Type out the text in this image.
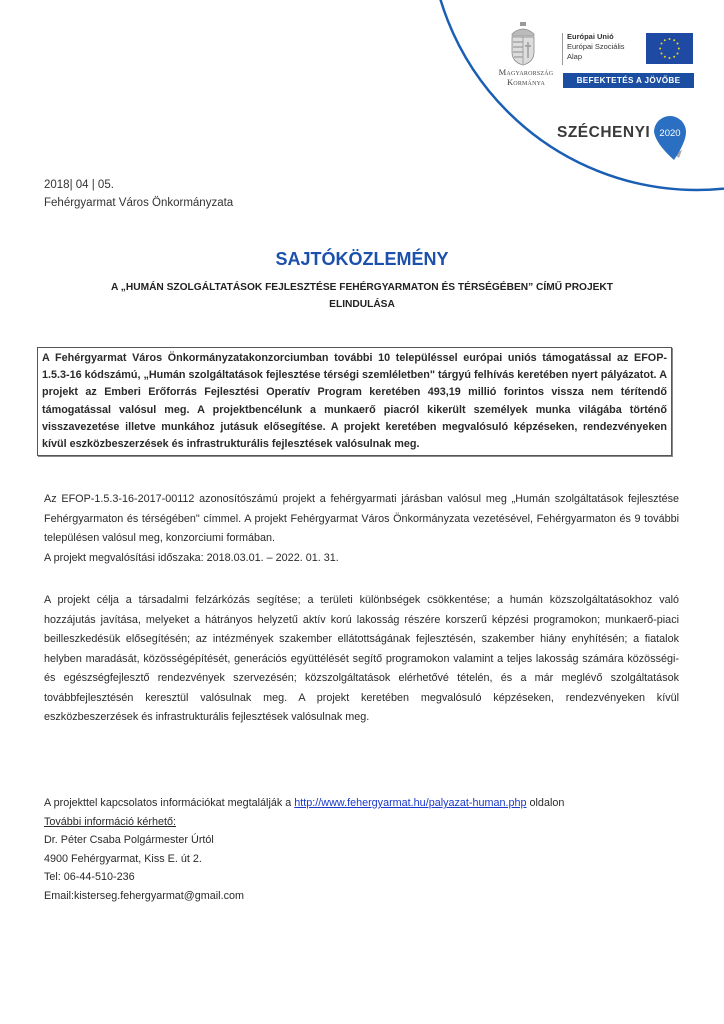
Magyarország
Kormánya
Európai Unió
Európai Szociális
Alap
BEFEKTETÉS A JÖVŐBE
SZÉCHENYI 2020
2018| 04 | 05.
Fehérgyarmat Város Önkormányzata
SAJTÓKÖZLEMÉNY
A „HUMÁN SZOLGÁLTATÁSOK FEJLESZTÉSE FEHÉRGYARMATON ÉS TÉRSÉGÉBEN” CÍMŰ PROJEKT
ELINDULÁSA
A Fehérgyarmat Város Önkormányzatakonzorciumban további 10 településsel európai uniós támogatással az EFOP- 1.5.3-16 kódszámú, „Humán szolgáltatások fejlesztése térségi szemléletben" tárgyú felhívás keretében nyert pályázatot. A projekt az Emberi Erőforrás Fejlesztési Operatív Program keretében 493,19 millió forintos vissza nem térítendő támogatással valósul meg. A projektbencélunk a munkaerő piacról kikerült személyek munka világába történő visszavezetése illetve munkához jutásuk elősegítése. A projekt keretében megvalósuló képzéseken, rendezvényeken kívül eszközbeszerzések és infrastrukturális fejlesztések valósulnak meg.
Az EFOP-1.5.3-16-2017-00112 azonosítószámú projekt a fehérgyarmati járásban valósul meg „Humán szolgáltatások fejlesztése Fehérgyarmaton és térségében" címmel. A projekt Fehérgyarmat Város Önkormányzata vezetésével, Fehérgyarmaton és 9 további településen valósul meg, konzorciumi formában.
A projekt megvalósítási időszaka: 2018.03.01. – 2022. 01. 31.
A projekt célja a társadalmi felzárkózás segítése; a területi különbségek csökkentése; a humán közszolgáltatásokhoz való hozzájutás javítása, melyeket a hátrányos helyzetű aktív korú lakosság részére korszerű képzési programokon; munkaerő-piaci beilleszkedésük elősegítésén; az intézmények szakember ellátottságának fejlesztésén, szakember hiány enyhítésén; a fiatalok helyben maradását, közösségépítését, generációs együttélését segítő programokon valamint a teljes lakosság számára közösségi- és egészségfejlesztő rendezvények szervezésén; közszolgáltatások elérhetővé tételén, és a már meglévő szolgáltatások továbbfejlesztésén keresztül valósulnak meg. A projekt keretében megvalósuló képzéseken, rendezvényeken kívül eszközbeszerzések és infrastrukturális fejlesztések valósulnak meg.
A projekttel kapcsolatos információkat megtalálják a http://www.fehergyarmat.hu/palyazat-human.php oldalon
További információ kérhető:
Dr. Péter Csaba Polgármester Úrtól
4900 Fehérgyarmat, Kiss E. út 2.
Tel: 06-44-510-236
Email:kisterseg.fehergyarmat@gmail.com
